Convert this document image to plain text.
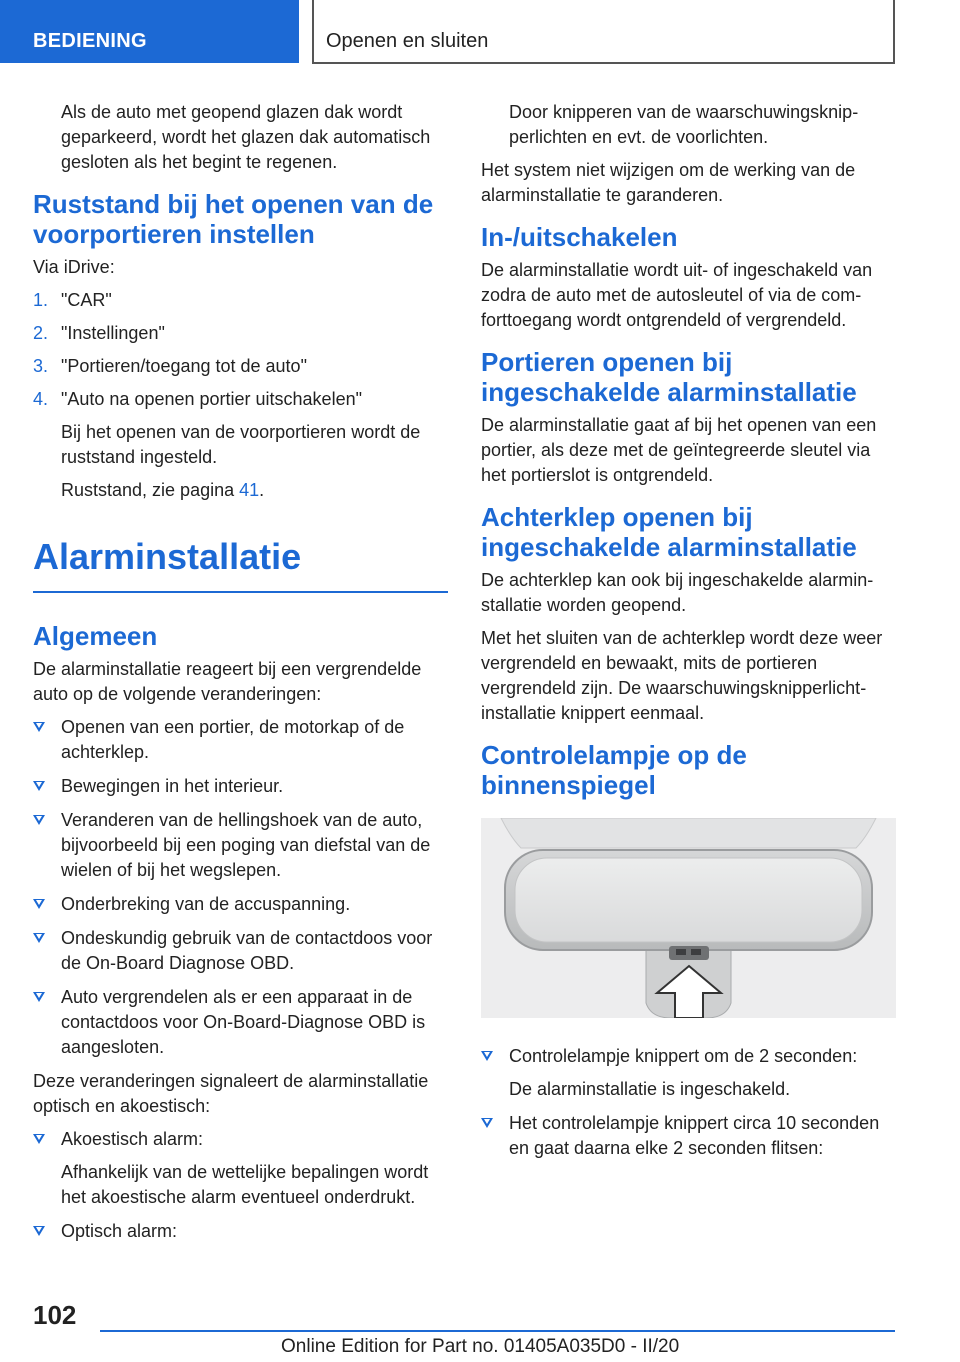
BEDIENING	Openen en sluiten

Als de auto met geopend glazen dak wordt geparkeerd, wordt het glazen dak automatisch gesloten als het begint te regenen.

Ruststand bij het openen van de voorportieren instellen

Via iDrive:

1. "CAR"
2. "Instellingen"
3. "Portieren/toegang tot de auto"
4. "Auto na openen portier uitschakelen"

Bij het openen van de voorportieren wordt de ruststand ingesteld.

Ruststand, zie pagina 41.

Alarminstallatie
Algemeen

De alarminstallatie reageert bij een vergrendelde auto op de volgende veranderingen:

Openen van een portier, de motorkap of de achterklep.
Bewegingen in het interieur.
Veranderen van de hellingshoek van de auto, bijvoorbeeld bij een poging van diefstal van de wielen of bij het wegslepen.
Onderbreking van de accuspanning.
Ondeskundig gebruik van de contactdoos voor de On-Board Diagnose OBD.
Auto vergrendelen als er een apparaat in de contactdoos voor On-Board-Diagnose OBD is aangesloten.

Deze veranderingen signaleert de alarminstallatie optisch en akoestisch:

Akoestisch alarm:

Afhankelijk van de wettelijke bepalingen wordt het akoestische alarm eventueel onderdrukt.

Optisch alarm:

Door knipperen van de waarschuwingsknipperlichten en evt. de voorlichten.

Het system niet wijzigen om de werking van de alarminstallatie te garanderen.

In-/uitschakelen

De alarminstallatie wordt uit- of ingeschakeld van zodra de auto met de autosleutel of via de comforttoegang wordt ontgrendeld of vergrendeld.

Portieren openen bij ingeschakelde alarminstallatie

De alarminstallatie gaat af bij het openen van een portier, als deze met de geïntegreerde sleutel via het portierslot is ontgrendeld.

Achterklep openen bij ingeschakelde alarminstallatie

De achterklep kan ook bij ingeschakelde alarminstallatie worden geopend.

Met het sluiten van de achterklep wordt deze weer vergrendeld en bewaakt, mits de portieren vergrendeld zijn. De waarschuwingsknipperlichtinstallatie knippert eenmaal.

Controlelampje op de binnenspiegel
Controlelampje knippert om de 2 seconden:

De alarminstallatie is ingeschakeld.

Het controlelampje knippert circa 10 seconden en gaat daarna elke 2 seconden flitsen:
102
Online Edition for Part no. 01405A035D0 - II/20
